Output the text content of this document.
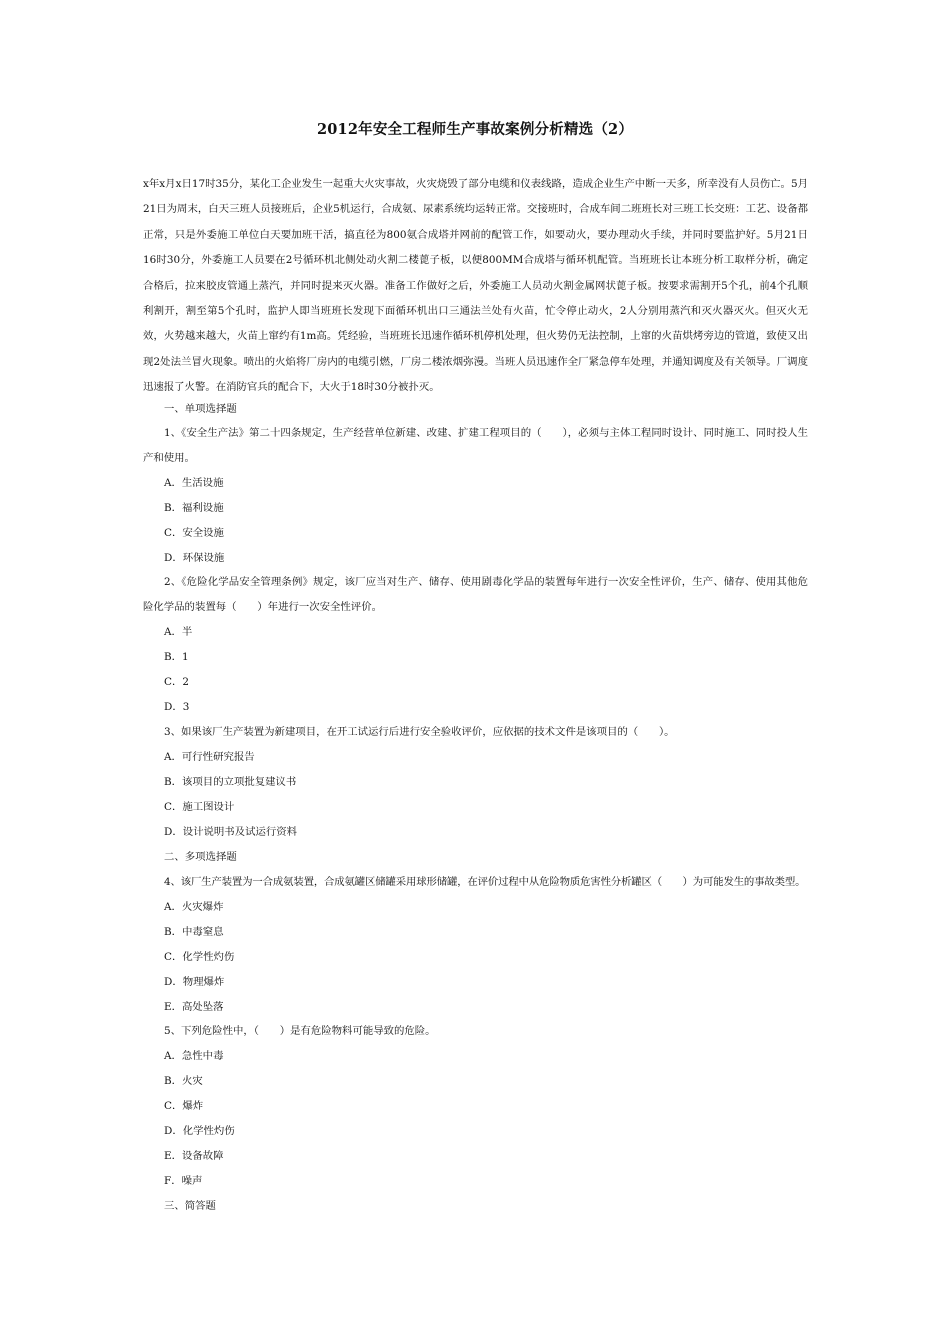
2012年安全工程师生产事故案例分析精选（2）
x年x月x日17时35分，某化工企业发生一起重大火灾事故，火灾烧毁了部分电缆和仪表线路，造成企业生产中断一天多，所幸没有人员伤亡。5月21日为周末，白天三班人员接班后，企业5机运行，合成氨、尿素系统均运转正常。交接班时，合成车间二班班长对三班工长交班：工艺、设备都正常，只是外委施工单位白天要加班干活，搞直径为800氨合成塔并网前的配管工作，如要动火，要办理动火手续，并同时要监护好。5月21日16时30分，外委施工人员要在2号循环机北侧处动火割二楼蓖子板，以便800MM合成塔与循环机配管。当班班长让本班分析工取样分析，确定合格后，拉来胶皮管通上蒸汽，并同时提来灭火器。准备工作做好之后，外委施工人员动火割金属网状蓖子板。按要求需割开5个孔，前4个孔顺利割开，割至第5个孔时，监护人即当班班长发现下面循环机出口三通法兰处有火苗，忙令停止动火，2人分别用蒸汽和灭火器灭火。但灭火无效，火势越来越大，火苗上窜约有1m高。凭经验，当班班长迅速作循环机停机处理，但火势仍无法控制，上窜的火苗烘烤旁边的管道，致使又出现2处法兰冒火现象。喷出的火焰将厂房内的电缆引燃，厂房二楼浓烟弥漫。当班人员迅速作全厂紧急停车处理，并通知调度及有关领导。厂调度迅速报了火警。在消防官兵的配合下，大火于18时30分被扑灭。
一、单项选择题
1、《安全生产法》第二十四条规定，生产经营单位新建、改建、扩建工程项目的（　　），必须与主体工程同时设计、同时施工、同时投人生产和使用。
A．生活设施
B．福利设施
C．安全设施
D．环保设施
2、《危险化学品安全管理条例》规定，该厂应当对生产、储存、使用剧毒化学品的装置每年进行一次安全性评价，生产、储存、使用其他危险化学品的装置每（　　）年进行一次安全性评价。
A．半
B．1
C．2
D．3
3、如果该厂生产装置为新建项目，在开工试运行后进行安全验收评价，应依据的技术文件是该项目的（　　）。
A．可行性研究报告
B．该项目的立项批复建议书
C．施工图设计
D．设计说明书及试运行资料
二、多项选择题
4、该厂生产装置为一合成氨装置，合成氨罐区储罐采用球形储罐，在评价过程中从危险物质危害性分析罐区（　　）为可能发生的事故类型。
A．火灾爆炸
B．中毒窒息
C．化学性灼伤
D．物理爆炸
E．高处坠落
5、下列危险性中，（　　）是有危险物料可能导致的危险。
A．急性中毒
B．火灾
C．爆炸
D．化学性灼伤
E．设备故障
F．噪声
三、简答题
